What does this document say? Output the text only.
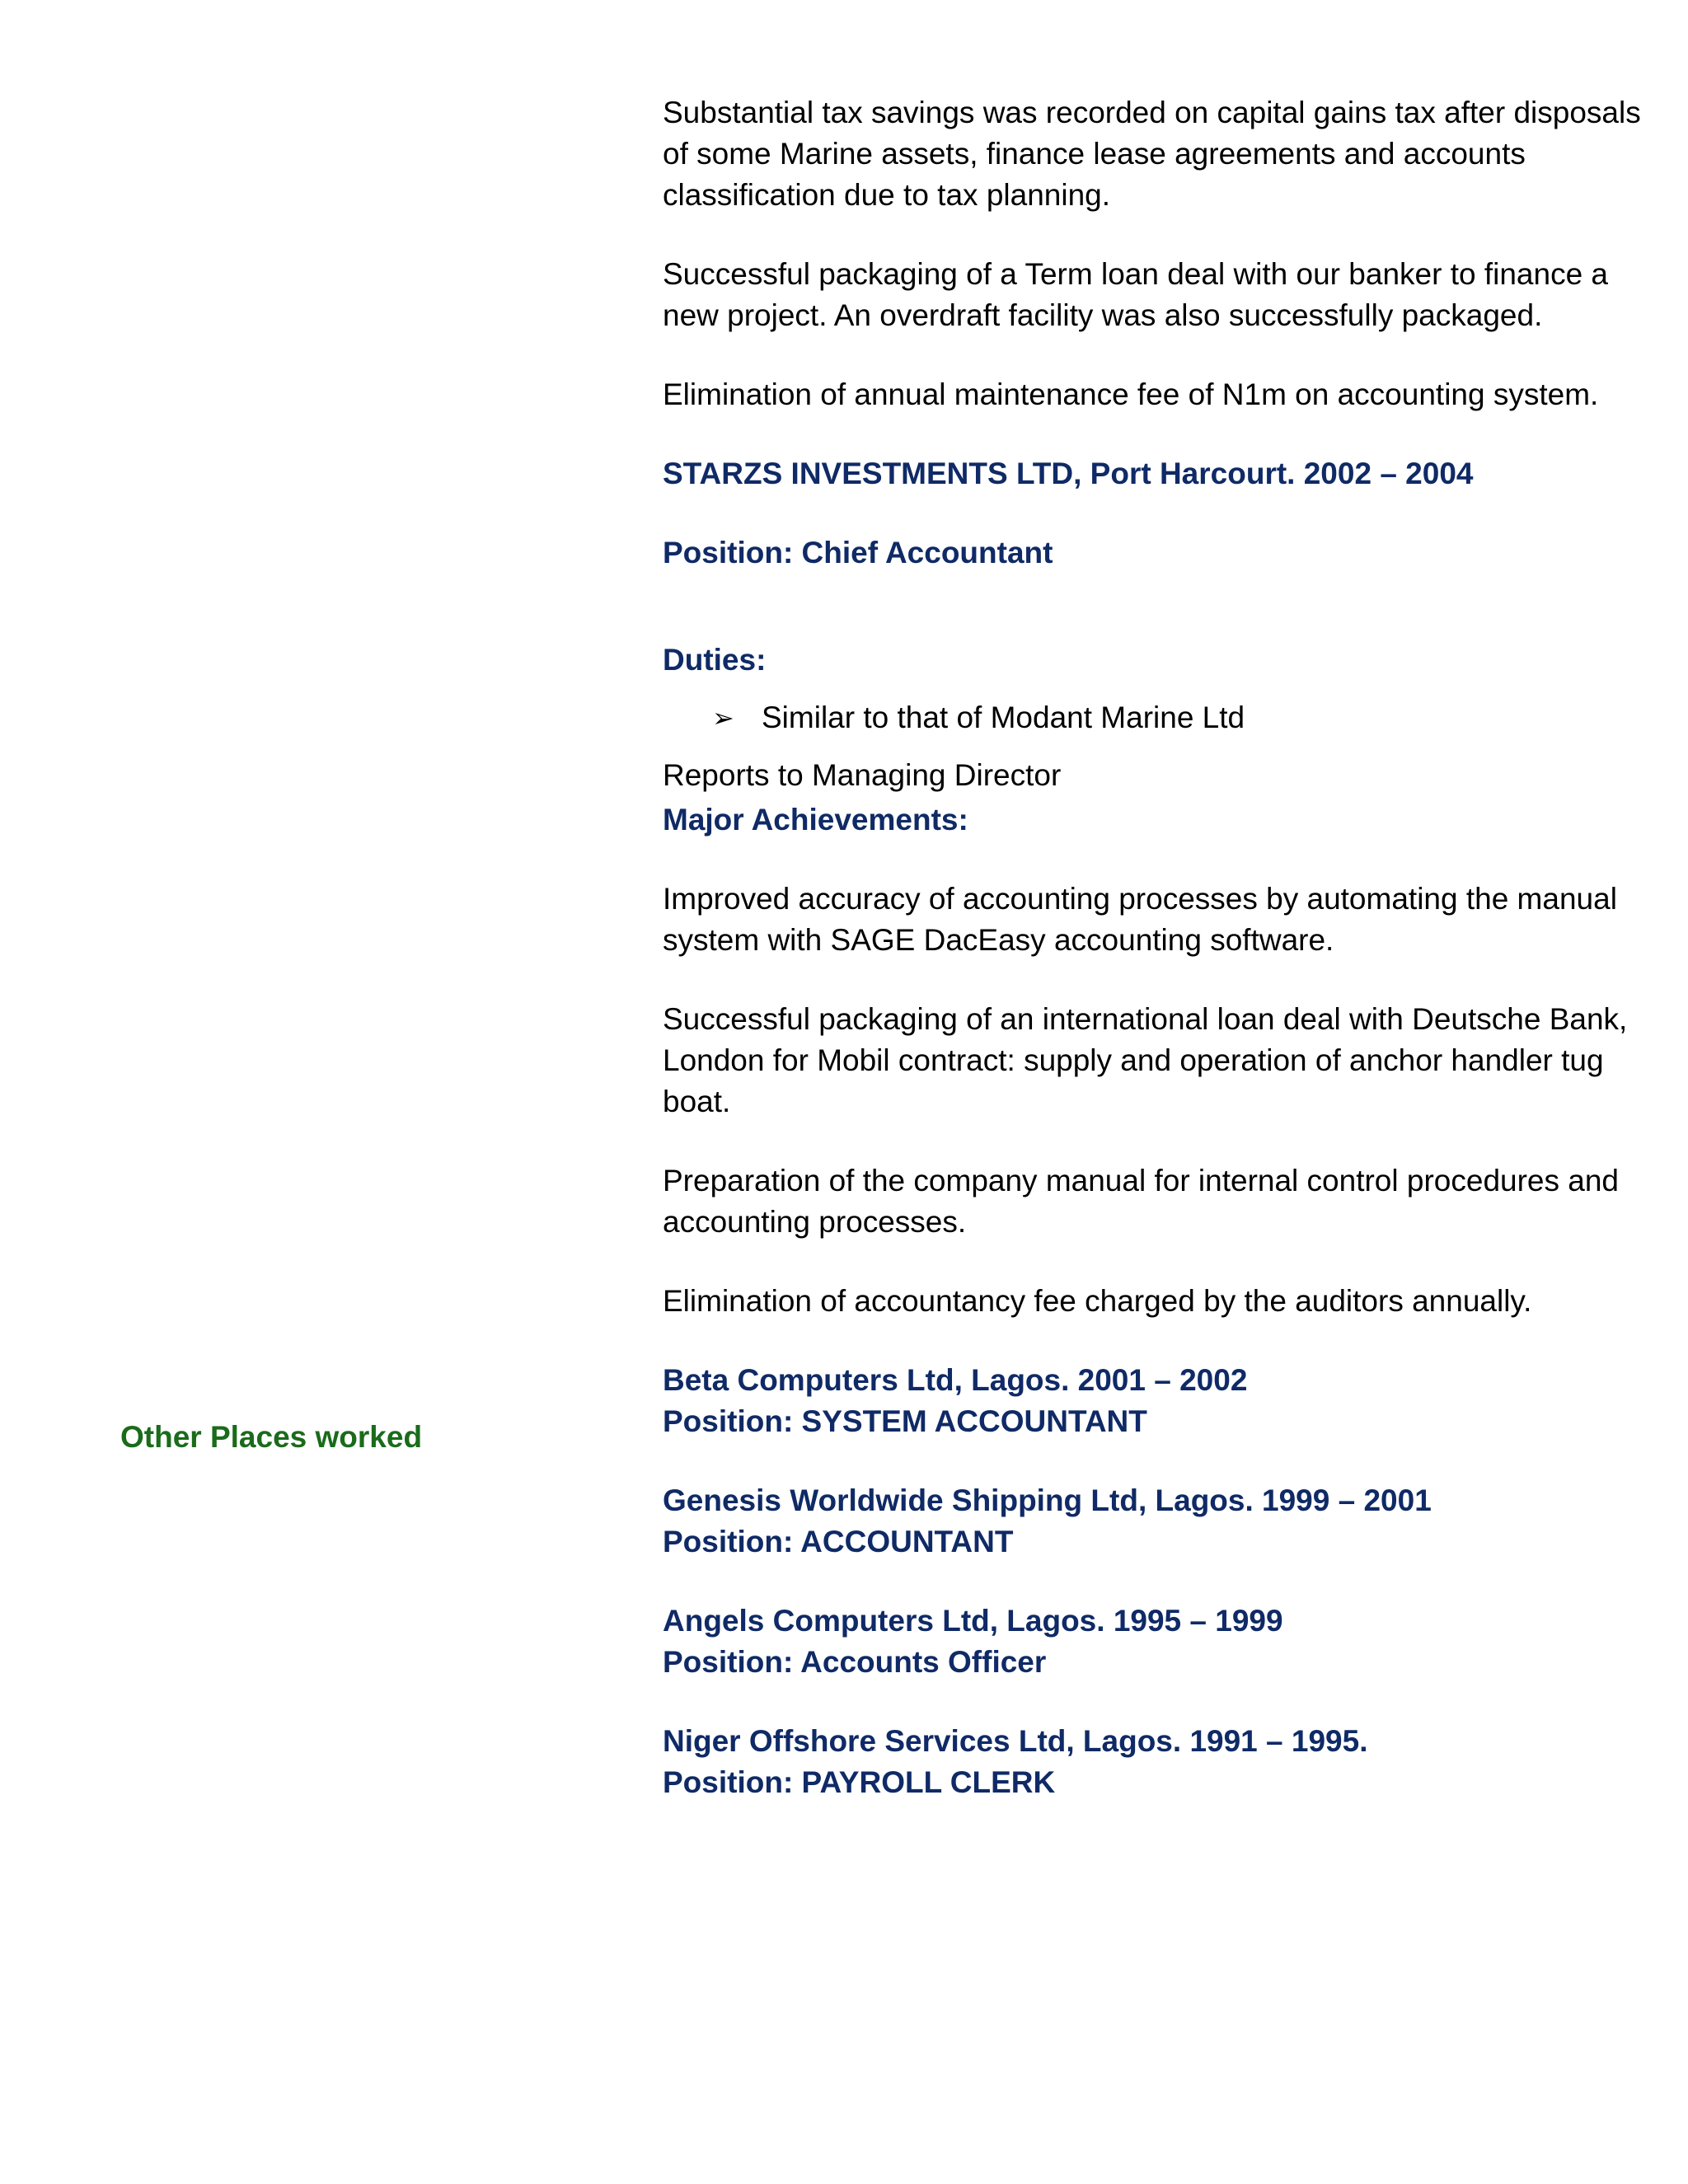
Other Places worked

Substantial tax savings was recorded on capital gains tax after disposals of some Marine assets, finance lease agreements and accounts classification due to tax planning.

Successful packaging of a Term loan deal with our banker to finance a new project. An overdraft facility was also successfully packaged.

Elimination of annual maintenance fee of N1m on accounting system.

STARZS INVESTMENTS LTD, Port Harcourt. 2002 – 2004

Position: Chief Accountant

Duties:

➢ Similar to that of Modant Marine Ltd

Reports to Managing Director

Major Achievements:

Improved accuracy of accounting processes by automating the manual system with SAGE DacEasy accounting software.

Successful packaging of an international loan deal with Deutsche Bank, London for Mobil contract: supply and operation of anchor handler tug boat.

Preparation of the company manual for internal control procedures and accounting processes.

Elimination of accountancy fee charged by the auditors annually.

Beta Computers Ltd, Lagos. 2001 – 2002

Position: SYSTEM ACCOUNTANT

Genesis Worldwide Shipping Ltd, Lagos. 1999 – 2001

Position: ACCOUNTANT

Angels Computers Ltd, Lagos. 1995 – 1999

Position: Accounts Officer

Niger Offshore Services Ltd, Lagos. 1991 – 1995.

Position: PAYROLL CLERK
